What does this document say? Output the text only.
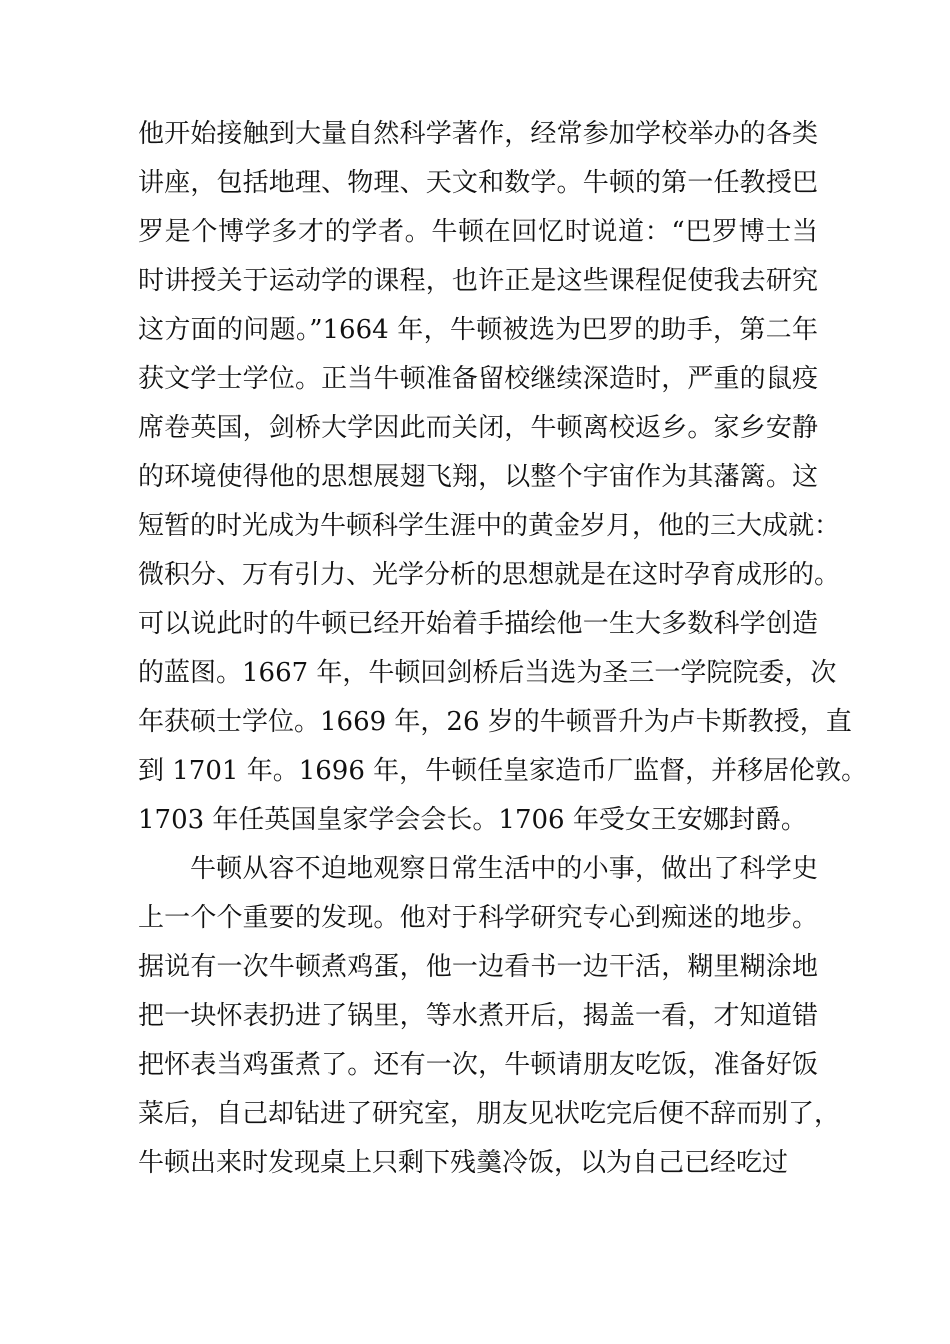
他开始接触到大量自然科学著作，经常参加学校举办的各类
讲座，包括地理、物理、天文和数学。牛顿的第一任教授巴
罗是个博学多才的学者。牛顿在回忆时说道：“巴罗博士当
时讲授关于运动学的课程，也许正是这些课程促使我去研究
这方面的问题。”1664 年，牛顿被选为巴罗的助手，第二年
获文学士学位。正当牛顿准备留校继续深造时，严重的鼠疫
席卷英国，剑桥大学因此而关闭，牛顿离校返乡。家乡安静
的环境使得他的思想展翅飞翔，以整个宇宙作为其藩篱。这
短暂的时光成为牛顿科学生涯中的黄金岁月，他的三大成就：
微积分、万有引力、光学分析的思想就是在这时孕育成形的。
可以说此时的牛顿已经开始着手描绘他一生大多数科学创造
的蓝图。1667 年，牛顿回剑桥后当选为圣三一学院院委，次
年获硕士学位。1669 年，26 岁的牛顿晋升为卢卡斯教授，直
到 1701 年。1696 年，牛顿任皇家造币厂监督，并移居伦敦。
1703 年任英国皇家学会会长。1706 年受女王安娜封爵。
牛顿从容不迫地观察日常生活中的小事，做出了科学史
上一个个重要的发现。他对于科学研究专心到痴迷的地步。
据说有一次牛顿煮鸡蛋，他一边看书一边干活，糊里糊涂地
把一块怀表扔进了锅里，等水煮开后，揭盖一看，才知道错
把怀表当鸡蛋煮了。还有一次，牛顿请朋友吃饭，准备好饭
菜后，自己却钻进了研究室，朋友见状吃完后便不辞而别了，
牛顿出来时发现桌上只剩下残羹冷饭，以为自己已经吃过
